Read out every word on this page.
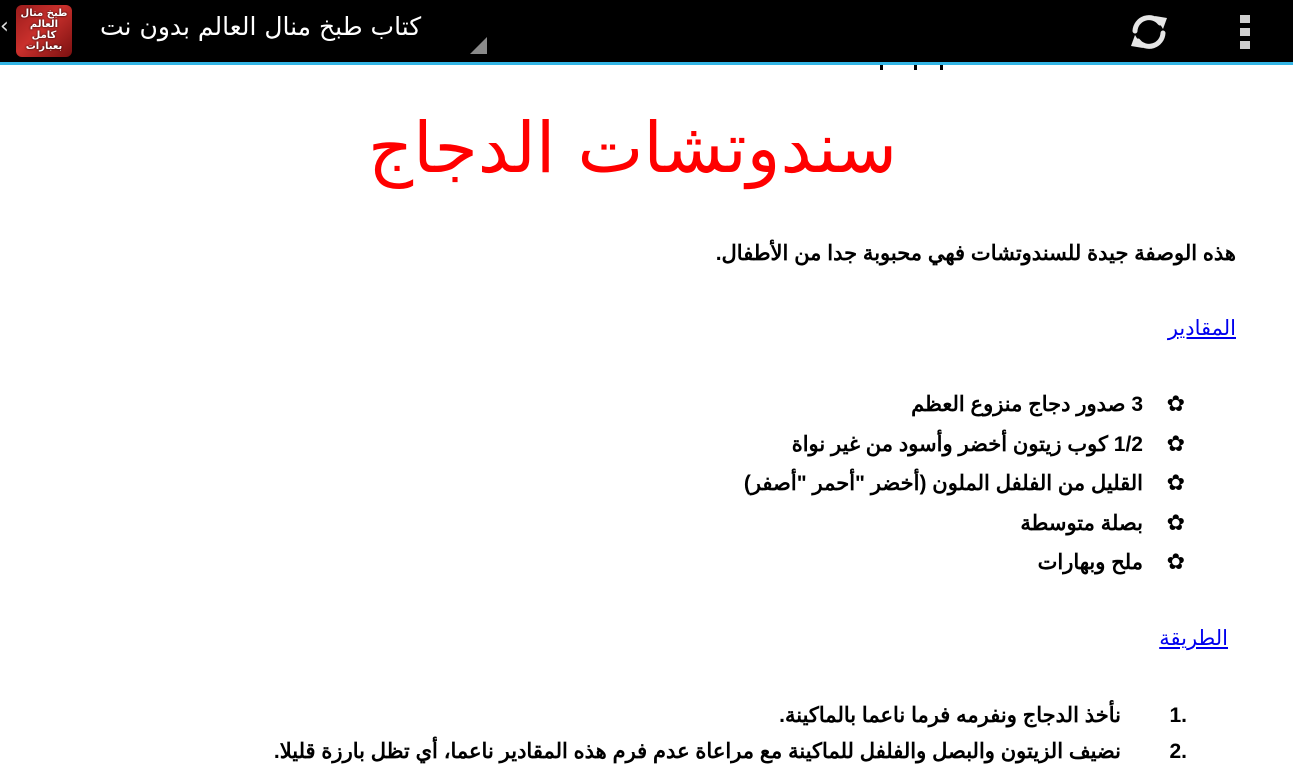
‹
طبخ منال العالم كامل بعبارات
كتاب طبخ منال العالم بدون نت
سندوتشات الدجاج
هذه الوصفة جيدة للسندوتشات فهي محبوبة جدا من الأطفال.
المقادير
✿
3 صدور دجاج منزوع العظم
✿
1/2 كوب زيتون أخضر وأسود من غير نواة
✿
القليل من الفلفل الملون (أخضر "أحمر "أصفر)
✿
بصلة متوسطة
✿
ملح وبهارات
الطريقة
1.
نأخذ الدجاج ونفرمه فرما ناعما بالماكينة.
2.
نضيف الزيتون والبصل والفلفل للماكينة مع مراعاة عدم فرم هذه المقادير ناعما، أي تظل بارزة قليلا.
